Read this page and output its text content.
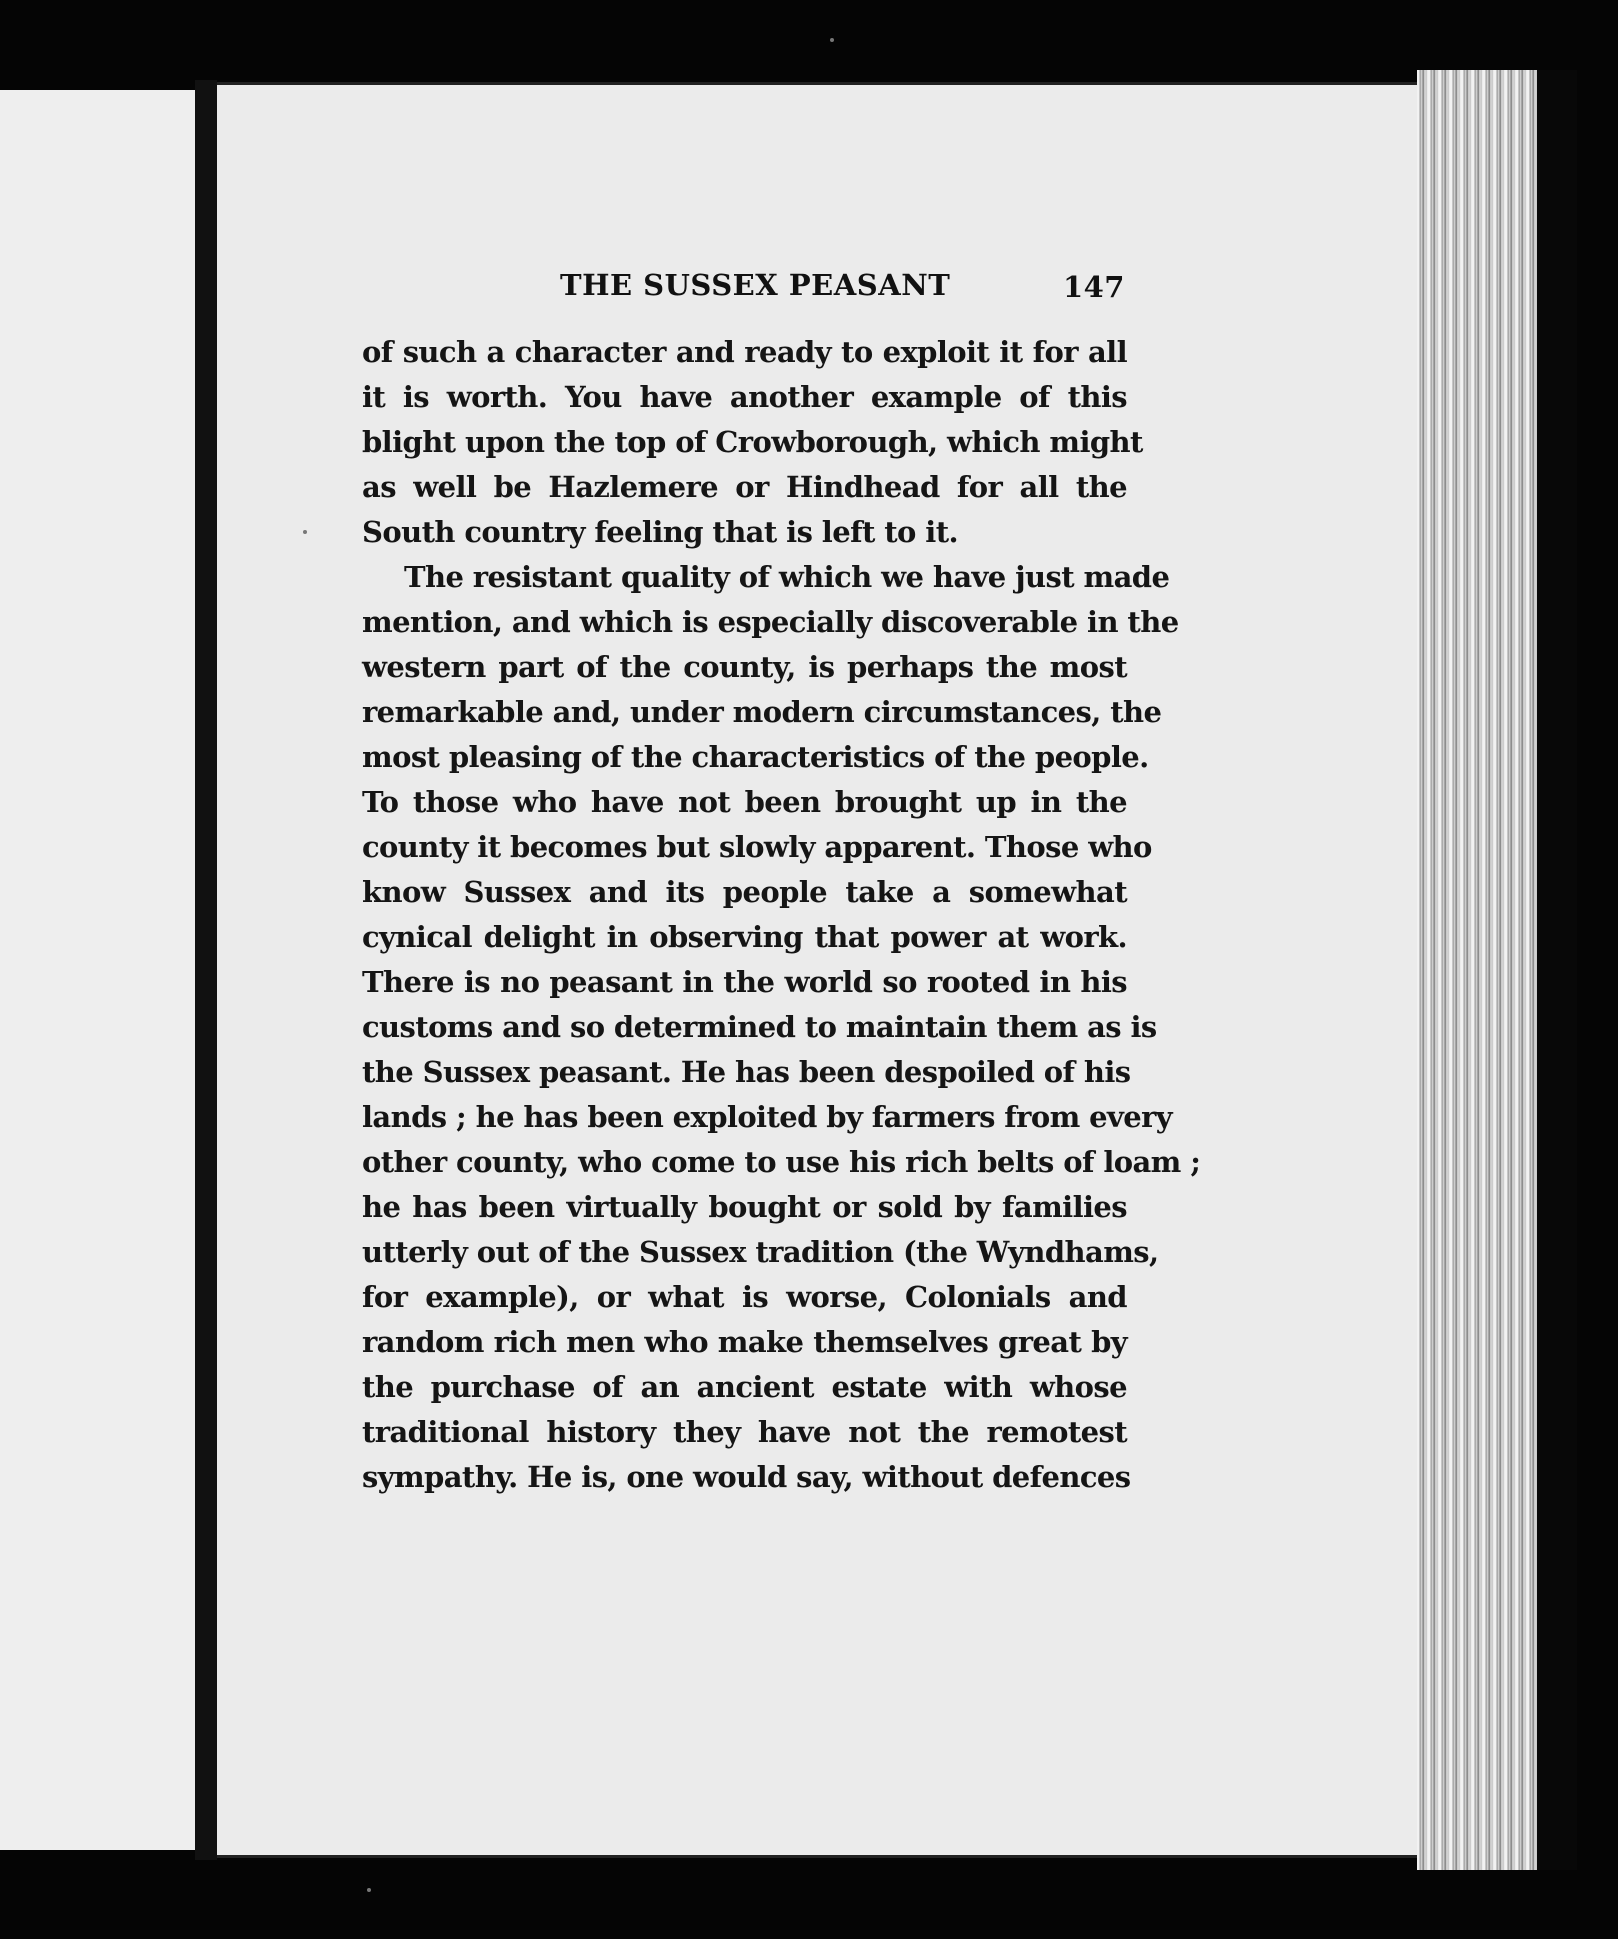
THE SUSSEX PEASANT	147
of such a character and ready to exploit it for all
it is worth. You have another example of this
blight upon the top of Crowborough, which might
as well be Hazlemere or Hindhead for all the
South country feeling that is left to it.
The resistant quality of which we have just made
mention, and which is especially discoverable in the
western part of the county, is perhaps the most
remarkable and, under modern circumstances, the
most pleasing of the characteristics of the people.
To those who have not been brought up in the
county it becomes but slowly apparent. Those who
know Sussex and its people take a somewhat
cynical delight in observing that power at work.
There is no peasant in the world so rooted in his
customs and so determined to maintain them as is
the Sussex peasant. He has been despoiled of his
lands ; he has been exploited by farmers from every
other county, who come to use his rich belts of loam ;
he has been virtually bought or sold by families
utterly out of the Sussex tradition (the Wyndhams,
for example), or what is worse, Colonials and
random rich men who make themselves great by
the purchase of an ancient estate with whose
traditional history they have not the remotest
sympathy. He is, one would say, without defences
